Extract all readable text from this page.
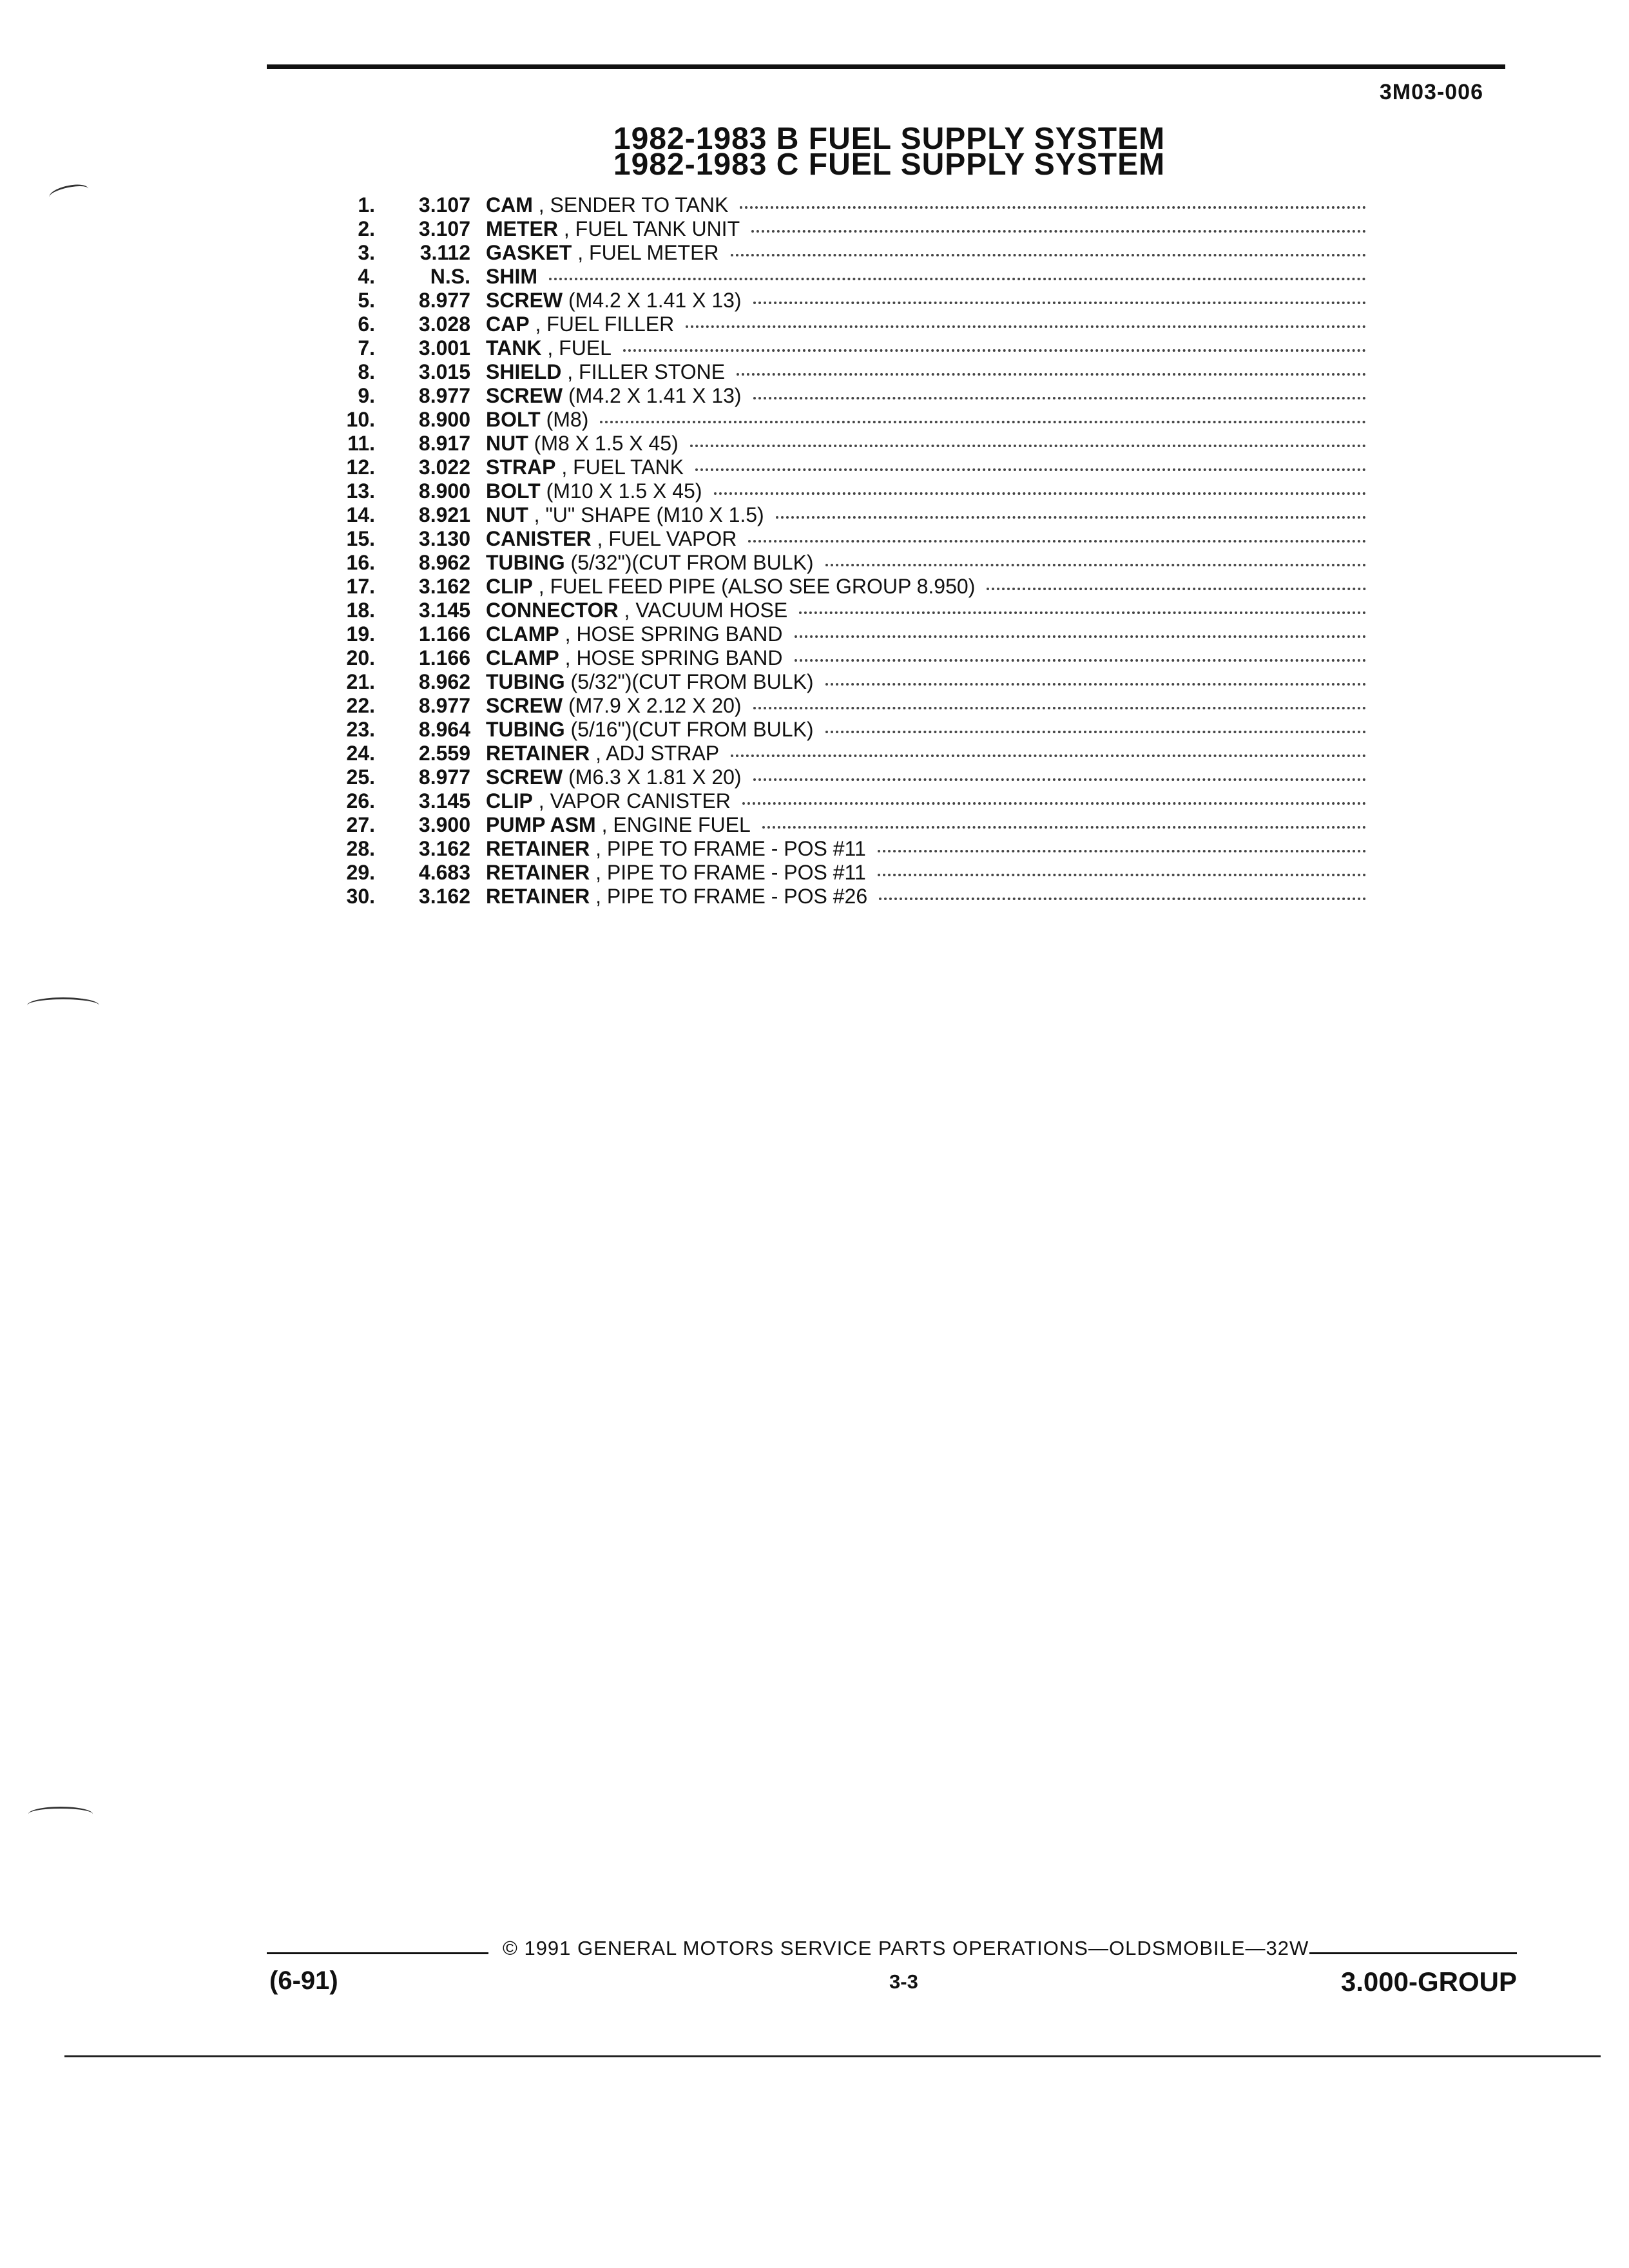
3M03-006
1982-1983 B FUEL SUPPLY SYSTEM
1982-1983 C FUEL SUPPLY SYSTEM
1.	3.107 CAM , SENDER TO TANK
2.	3.107 METER , FUEL TANK UNIT
3.	3.112 GASKET , FUEL METER
4.	N.S. SHIM
5.	8.977 SCREW (M4.2 X 1.41 X 13)
6.	3.028 CAP , FUEL FILLER
7.	3.001 TANK , FUEL
8.	3.015 SHIELD , FILLER STONE
9.	8.977 SCREW (M4.2 X 1.41 X 13)
10.	8.900 BOLT (M8)
11.	8.917 NUT (M8 X 1.5 X 45)
12.	3.022 STRAP , FUEL TANK
13.	8.900 BOLT (M10 X 1.5 X 45)
14.	8.921 NUT , "U" SHAPE (M10 X 1.5)
15.	3.130 CANISTER , FUEL VAPOR
16.	8.962 TUBING (5/32")(CUT FROM BULK)
17.	3.162 CLIP , FUEL FEED PIPE (ALSO SEE GROUP 8.950)
18.	3.145 CONNECTOR , VACUUM HOSE
19.	1.166 CLAMP , HOSE SPRING BAND
20.	1.166 CLAMP , HOSE SPRING BAND
21.	8.962 TUBING (5/32")(CUT FROM BULK)
22.	8.977 SCREW (M7.9 X 2.12 X 20)
23.	8.964 TUBING (5/16")(CUT FROM BULK)
24.	2.559 RETAINER , ADJ STRAP
25.	8.977 SCREW (M6.3 X 1.81 X 20)
26.	3.145 CLIP , VAPOR CANISTER
27.	3.900 PUMP ASM , ENGINE FUEL
28.	3.162 RETAINER , PIPE TO FRAME - POS #11
29.	4.683 RETAINER , PIPE TO FRAME - POS #11
30.	3.162 RETAINER , PIPE TO FRAME - POS #26
© 1991 GENERAL MOTORS SERVICE PARTS OPERATIONS—OLDSMOBILE—32W
(6-91)	3-3	3.000-GROUP
